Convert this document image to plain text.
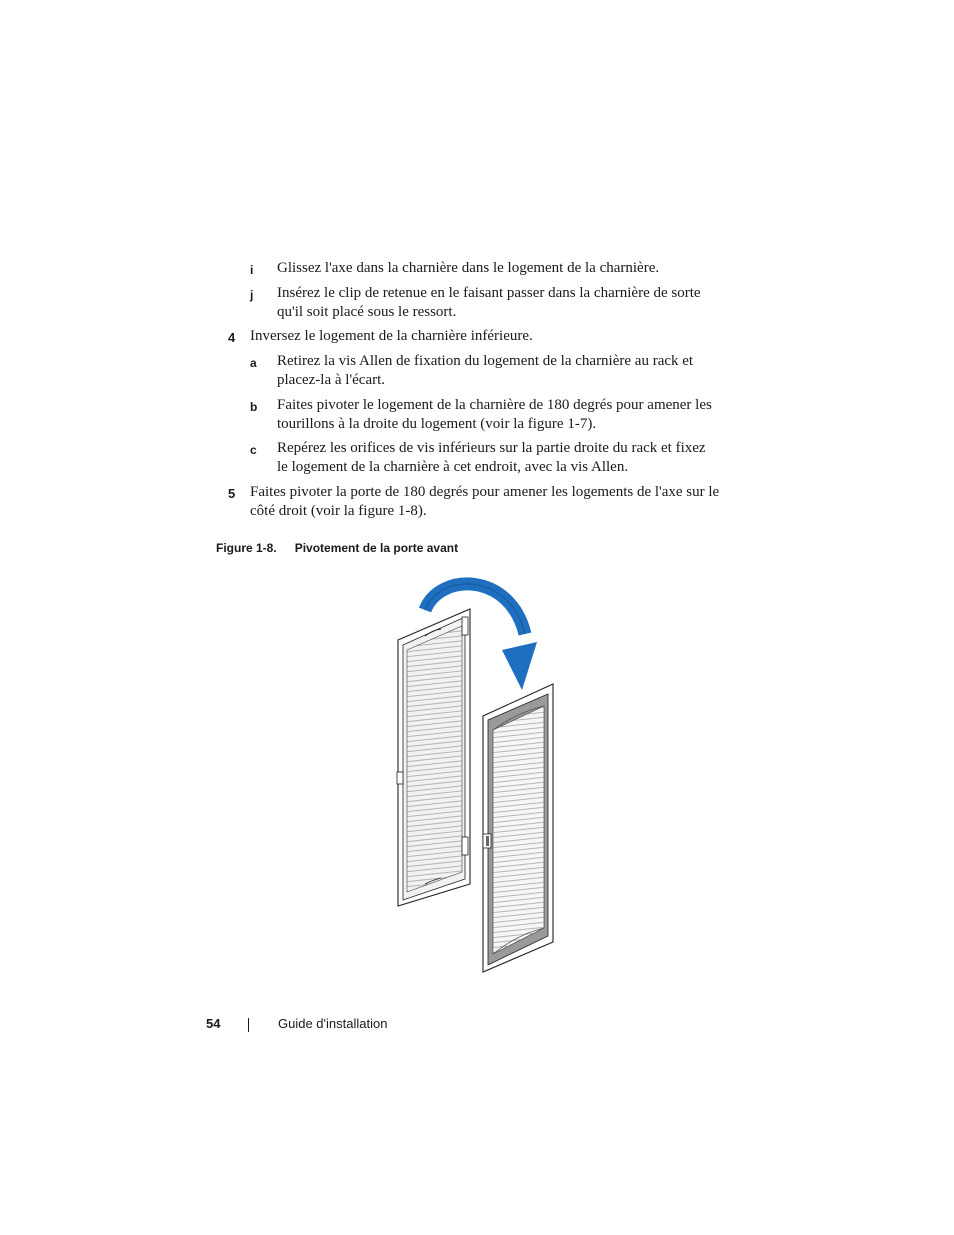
i Glissez l'axe dans la charnière dans le logement de la charnière.
j Insérez le clip de retenue en le faisant passer dans la charnière de sorte qu'il soit placé sous le ressort.
4 Inversez le logement de la charnière inférieure.
a Retirez la vis Allen de fixation du logement de la charnière au rack et placez-la à l'écart.
b Faites pivoter le logement de la charnière de 180 degrés pour amener les tourillons à la droite du logement (voir la figure 1-7).
c Repérez les orifices de vis inférieurs sur la partie droite du rack et fixez le logement de la charnière à cet endroit, avec la vis Allen.
5 Faites pivoter la porte de 180 degrés pour amener les logements de l'axe sur le côté droit (voir la figure 1-8).
Figure 1-8. Pivotement de la porte avant
54	Guide d'installation
